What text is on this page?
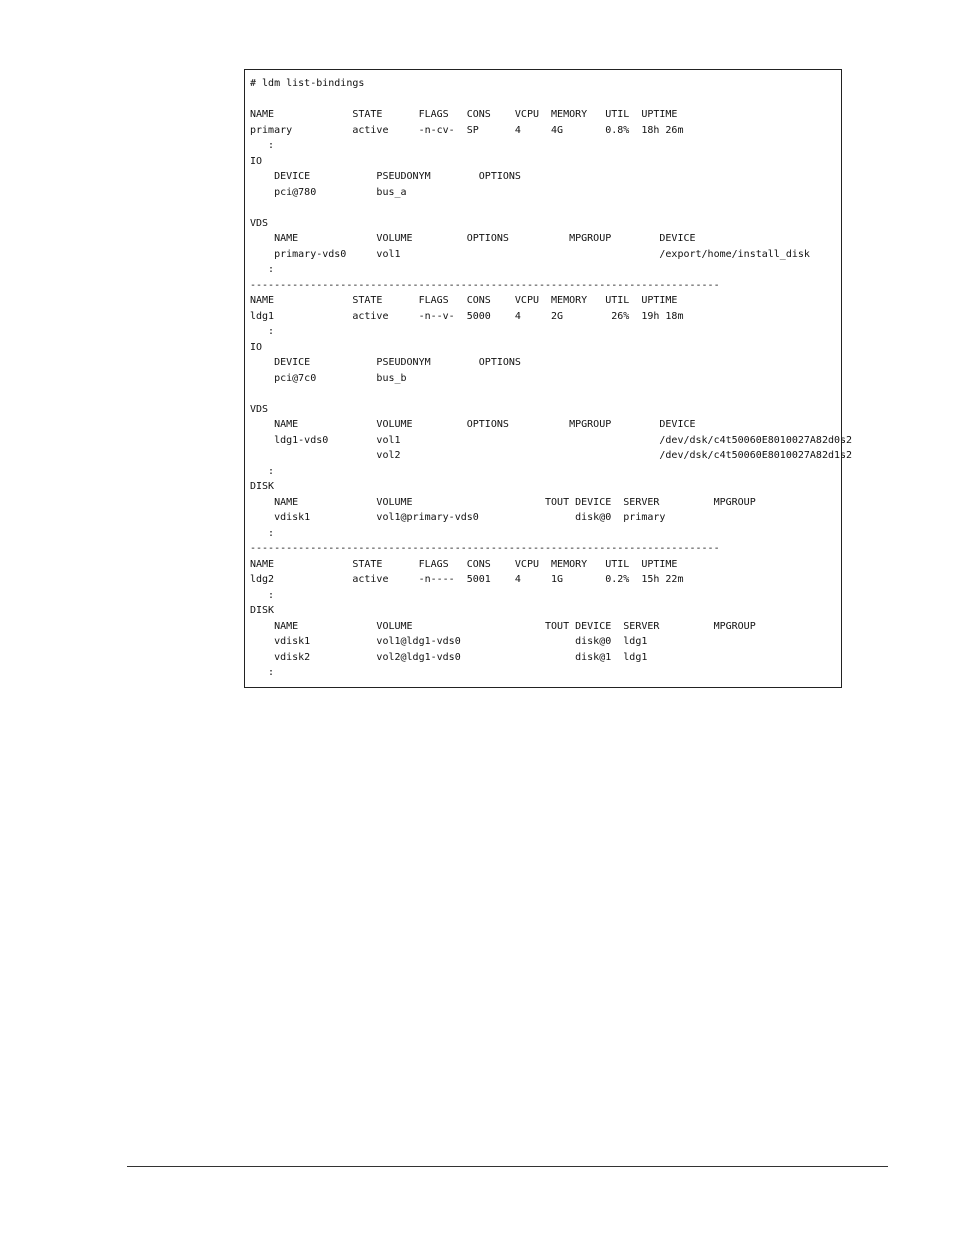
# ldm list-bindings
NAME             STATE      FLAGS   CONS    VCPU  MEMORY   UTIL  UPTIME
primary          active     -n-cv-  SP      4     4G       0.8%  18h 26m
:
IO
DEVICE           PSEUDONYM        OPTIONS
pci@780          bus_a
VDS
NAME             VOLUME         OPTIONS          MPGROUP        DEVICE
primary-vds0     vol1                                           /export/home/install_disk
:
------------------------------------------------------------------------------
NAME             STATE      FLAGS   CONS    VCPU  MEMORY   UTIL  UPTIME
ldg1             active     -n--v-  5000    4     2G        26%  19h 18m
:
IO
DEVICE           PSEUDONYM        OPTIONS
pci@7c0          bus_b
VDS
NAME             VOLUME         OPTIONS          MPGROUP        DEVICE
ldg1-vds0        vol1                                           /dev/dsk/c4t50060E8010027A82d0s2
vol2                                           /dev/dsk/c4t50060E8010027A82d1s2
:
DISK
NAME             VOLUME                      TOUT DEVICE  SERVER         MPGROUP
vdisk1           vol1@primary-vds0                disk@0  primary
:
------------------------------------------------------------------------------
NAME             STATE      FLAGS   CONS    VCPU  MEMORY   UTIL  UPTIME
ldg2             active     -n----  5001    4     1G       0.2%  15h 22m
:
DISK
NAME             VOLUME                      TOUT DEVICE  SERVER         MPGROUP
vdisk1           vol1@ldg1-vds0                   disk@0  ldg1
vdisk2           vol2@ldg1-vds0                   disk@1  ldg1
:
